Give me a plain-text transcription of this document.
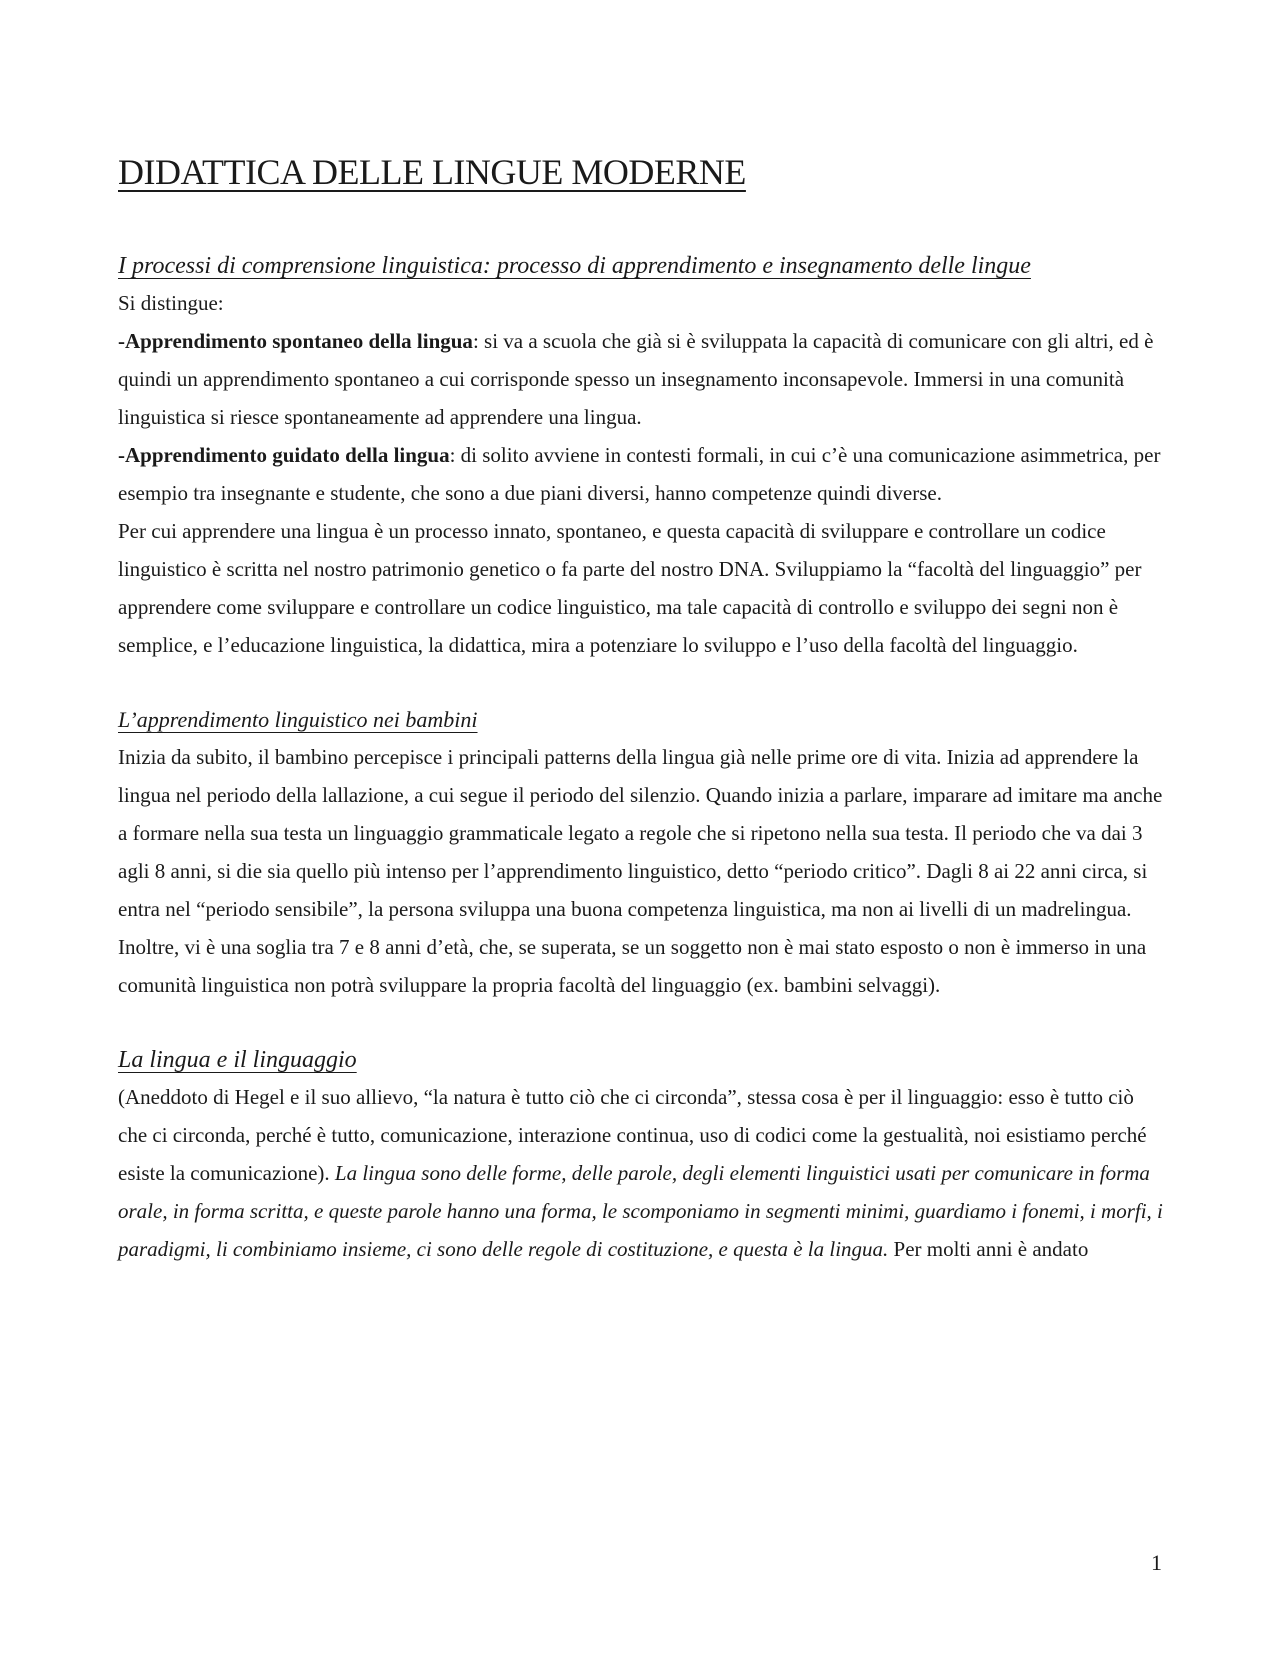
DIDATTICA DELLE LINGUE MODERNE
I processi di comprensione linguistica: processo di apprendimento e insegnamento delle lingue

Si distingue:

-Apprendimento spontaneo della lingua: si va a scuola che già si è sviluppata la capacità di comunicare con gli altri, ed è quindi un apprendimento spontaneo a cui corrisponde spesso un insegnamento inconsapevole. Immersi in una comunità linguistica si riesce spontaneamente ad apprendere una lingua.

-Apprendimento guidato della lingua: di solito avviene in contesti formali, in cui c’è una comunicazione asimmetrica, per esempio tra insegnante e studente, che sono a due piani diversi, hanno competenze quindi diverse.

Per cui apprendere una lingua è un processo innato, spontaneo, e questa capacità di sviluppare e controllare un codice linguistico è scritta nel nostro patrimonio genetico o fa parte del nostro DNA. Sviluppiamo la “facoltà del linguaggio” per apprendere come sviluppare e controllare un codice linguistico, ma tale capacità di controllo e sviluppo dei segni non è semplice, e l’educazione linguistica, la didattica, mira a potenziare lo sviluppo e l’uso della facoltà del linguaggio.

L’apprendimento linguistico nei bambini

Inizia da subito, il bambino percepisce i principali patterns della lingua già nelle prime ore di vita. Inizia ad apprendere la lingua nel periodo della lallazione, a cui segue il periodo del silenzio. Quando inizia a parlare, imparare ad imitare ma anche a formare nella sua testa un linguaggio grammaticale legato a regole che si ripetono nella sua testa. Il periodo che va dai 3 agli 8 anni, si die sia quello più intenso per l’apprendimento linguistico, detto “periodo critico”. Dagli 8 ai 22 anni circa, si entra nel “periodo sensibile”, la persona sviluppa una buona competenza linguistica, ma non ai livelli di un madrelingua. Inoltre, vi è una soglia tra 7 e 8 anni d’età, che, se superata, se un soggetto non è mai stato esposto o non è immerso in una comunità linguistica non potrà sviluppare la propria facoltà del linguaggio (ex. bambini selvaggi).

La lingua e il linguaggio

(Aneddoto di Hegel e il suo allievo, “la natura è tutto ciò che ci circonda”, stessa cosa è per il linguaggio: esso è tutto ciò che ci circonda, perché è tutto, comunicazione, interazione continua, uso di codici come la gestualità, noi esistiamo perché esiste la comunicazione). La lingua sono delle forme, delle parole, degli elementi linguistici usati per comunicare in forma orale, in forma scritta, e queste parole hanno una forma, le scomponiamo in segmenti minimi, guardiamo i fonemi, i morfi, i paradigmi, li combiniamo insieme, ci sono delle regole di costituzione, e questa è la lingua. Per molti anni è andato

1
